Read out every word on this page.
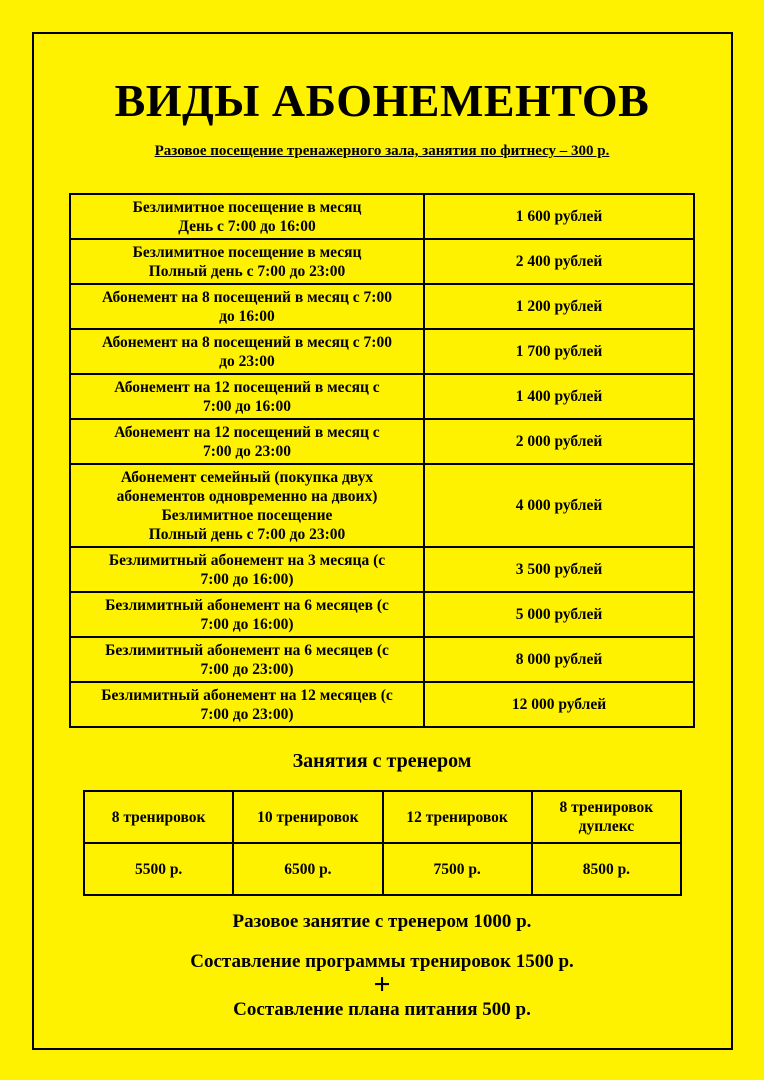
ВИДЫ АБОНЕМЕНТОВ
Разовое посещение тренажерного зала, занятия по фитнесу – 300 р.
Безлимитное посещение в месяц
День с 7:00 до 16:00	1 600 рублей

Безлимитное посещение в месяц
Полный день с 7:00 до 23:00	2 400 рублей

Абонемент на 8 посещений в месяц с 7:00
до 16:00	1 200 рублей

Абонемент на 8 посещений в месяц с 7:00
до 23:00	1 700 рублей

Абонемент на 12 посещений в месяц с
7:00 до 16:00	1 400 рублей

Абонемент на 12 посещений в месяц с
7:00 до 23:00	2 000 рублей

Абонемент семейный (покупка двух
абонементов одновременно на двоих)
Безлимитное посещение
Полный день с 7:00 до 23:00	4 000 рублей

Безлимитный абонемент на 3 месяца (с
7:00 до 16:00)	3 500 рублей

Безлимитный абонемент на 6 месяцев (с
7:00 до 16:00)	5 000 рублей

Безлимитный абонемент на 6 месяцев (с
7:00 до 23:00)	8 000 рублей

Безлимитный абонемент на 12 месяцев (с
7:00 до 23:00)	12 000 рублей
Занятия с тренером
8 тренировок	10 тренировок	12 тренировок	8 тренировок
дуплекс

5500 р.	6500 р.	7500 р.	8500 р.
Разовое занятие с тренером 1000 р.
Составление программы тренировок 1500 р.
+
Составление плана питания 500 р.
